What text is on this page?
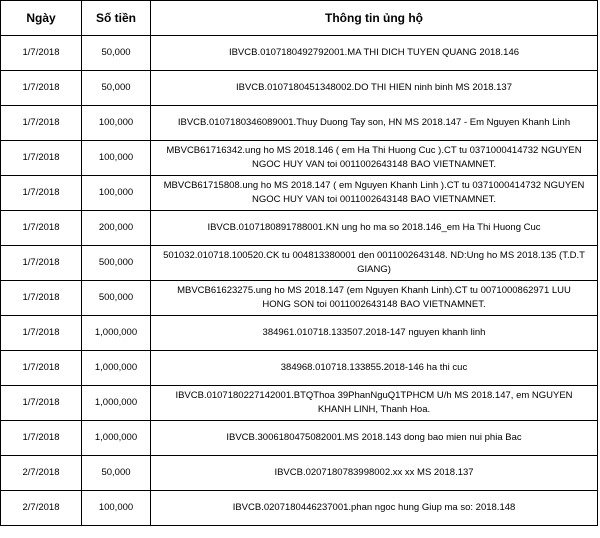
Ngày	Số tiền	Thông tin ủng hộ
1/7/2018	50,000	IBVCB.0107180492792001.MA THI DICH TUYEN QUANG 2018.146
1/7/2018	50,000	IBVCB.0107180451348002.DO THI HIEN ninh binh MS 2018.137
1/7/2018	100,000	IBVCB.0107180346089001.Thuy Duong Tay son, HN MS 2018.147 - Em Nguyen Khanh Linh
1/7/2018	100,000	MBVCB61716342.ung ho MS 2018.146 ( em Ha Thi Huong Cuc ).CT tu 0371000414732 NGUYEN NGOC HUY VAN toi 0011002643148 BAO VIETNAMNET.
1/7/2018	100,000	MBVCB61715808.ung ho MS 2018.147 ( em Nguyen Khanh Linh ).CT tu 0371000414732 NGUYEN NGOC HUY VAN toi 0011002643148 BAO VIETNAMNET.
1/7/2018	200,000	IBVCB.0107180891788001.KN ung ho ma so 2018.146_em Ha Thi Huong Cuc
1/7/2018	500,000	501032.010718.100520.CK tu 004813380001 den 0011002643148. ND:Ung ho MS 2018.135 (T.D.T GIANG)
1/7/2018	500,000	MBVCB61623275.ung ho MS 2018.147 (em Nguyen Khanh Linh).CT tu 0071000862971 LUU HONG SON toi 0011002643148 BAO VIETNAMNET.
1/7/2018	1,000,000	384961.010718.133507.2018-147 nguyen khanh linh
1/7/2018	1,000,000	384968.010718.133855.2018-146 ha thi cuc
1/7/2018	1,000,000	IBVCB.0107180227142001.BTQThoa 39PhanNguQ1TPHCM U/h MS 2018.147, em NGUYEN KHANH LINH, Thanh Hoa.
1/7/2018	1,000,000	IBVCB.3006180475082001.MS 2018.143 dong bao mien nui phia Bac
2/7/2018	50,000	IBVCB.0207180783998002.xx xx MS 2018.137
2/7/2018	100,000	IBVCB.0207180446237001.phan ngoc hung Giup ma so: 2018.148
